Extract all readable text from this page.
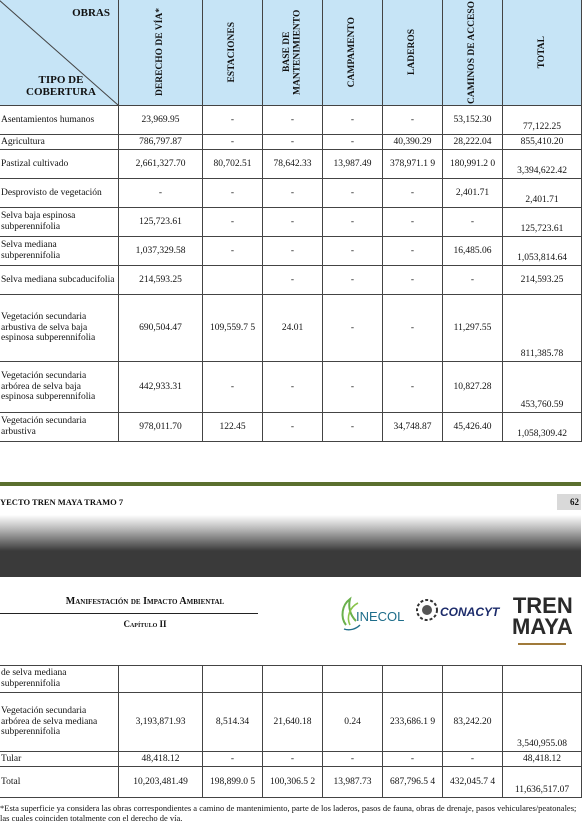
OBRAS
TIPO DE COBERTURA	DERECHO DE VÍA*	ESTACIONES	BASE DE MANTENIMIENTO	CAMPAMENTO	LADEROS	CAMINOS DE ACCESO	TOTAL

Asentamientos humanos	23,969.95	-	-	-	-	53,152.30	77,122.25
Agricultura	786,797.87	-	-	-	40,390.29	28,222.04	855,410.20
Pastizal cultivado	2,661,327.70	80,702.51	78,642.33	13,987.49	378,971.1 9	180,991.2 0	3,394,622.42
Desprovisto de vegetación	-	-	-	-	-	2,401.71	2,401.71
Selva baja espinosa subperennifolia	125,723.61	-	-	-	-	-	125,723.61
Selva mediana subperennifolia	1,037,329.58	-	-	-	-	16,485.06	1,053,814.64
Selva mediana subcaducifolia	214,593.25		-	-	-	-	214,593.25
Vegetación secundaria arbustiva de selva baja espinosa subperennifolia	690,504.47	109,559.7 5	24.01	-	-	11,297.55	811,385.78
Vegetación secundaria arbórea de selva baja espinosa subperennifolia	442,933.31	-	-	-	-	10,827.28	453,760.59
Vegetación secundaria arbustiva	978,011.70	122.45	-	-	34,748.87	45,426.40	1,058,309.42
YECTO TREN MAYA TRAMO 7	62
Manifestación de Impacto Ambiental
Capítulo II	INECOL	CONACYT TREN
MAYA
de selva mediana subperennifolia							
Vegetación secundaria arbórea de selva mediana subperennifolia	3,193,871.93	8,514.34	21,640.18	0.24	233,686.1 9	83,242.20	3,540,955.08
Tular	48,418.12	-	-	-	-	-	48,418.12
Total	10,203,481.49	198,899.0 5	100,306.5 2	13,987.73	687,796.5 4	432,045.7 4	11,636,517.07
*Esta superficie ya considera las obras correspondientes a camino de mantenimiento, parte de los laderos, pasos de fauna, obras de drenaje, pasos vehiculares/peatonales; las cuales coinciden totalmente con el derecho de vía.
